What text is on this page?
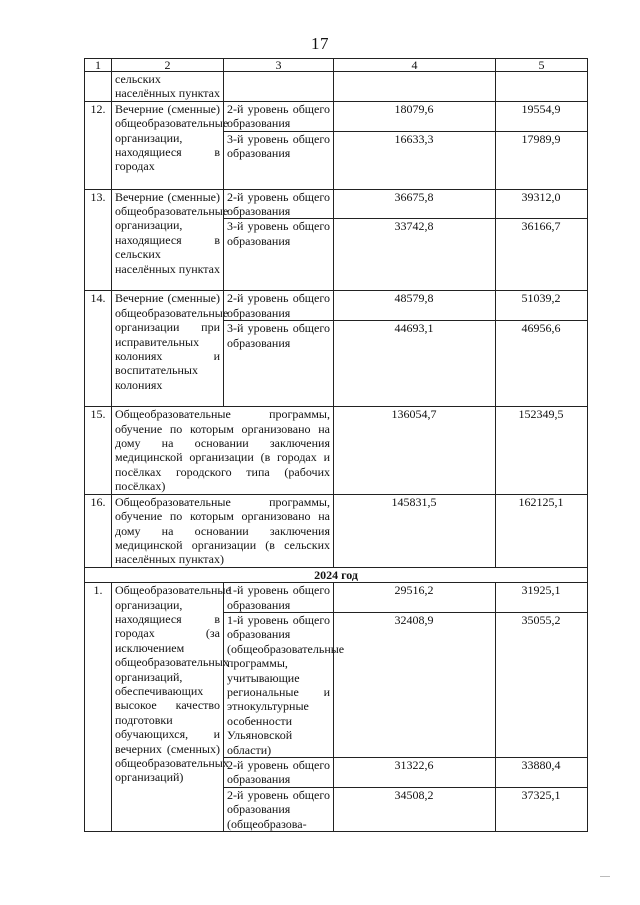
17
1	2	3	4	5
	сельских населённых пунктах			
12.	Вечерние (сменные) общеобразовательные организации, находящиеся в городах	2-й уровень общего образования	18079,6	19554,9
		3-й уровень общего образования	16633,3	17989,9
13.	Вечерние (сменные) общеобразовательные организации, находящиеся в сельских населённых пунктах	2-й уровень общего образования	36675,8	39312,0
		3-й уровень общего образования	33742,8	36166,7
14.	Вечерние (сменные) общеобразовательные организации при исправительных колониях и воспитательных колониях	2-й уровень общего образования	48579,8	51039,2
		3-й уровень общего образования	44693,1	46956,6
15.	Общеобразовательные программы, обучение по которым организовано на дому на основании заключения медицинской организации (в городах и посёлках городского типа (рабочих посёлках)		136054,7	152349,5
16.	Общеобразовательные программы, обучение по которым организовано на дому на основании заключения медицинской организации (в сельских населённых пунктах)		145831,5	162125,1
2024 год				
1.	Общеобразовательные организации, находящиеся в городах (за исключением общеобразовательных организаций, обеспечивающих высокое качество подготовки обучающихся, и вечерних (сменных) общеобразовательных организаций)	1-й уровень общего образования	29516,2	31925,1
		1-й уровень общего образования (общеобразовательные программы, учитывающие региональные и этнокультурные особенности Ульяновской области)	32408,9	35055,2
		2-й уровень общего образования	31322,6	33880,4
		2-й уровень общего образования (общеобразова-	34508,2	37325,1
